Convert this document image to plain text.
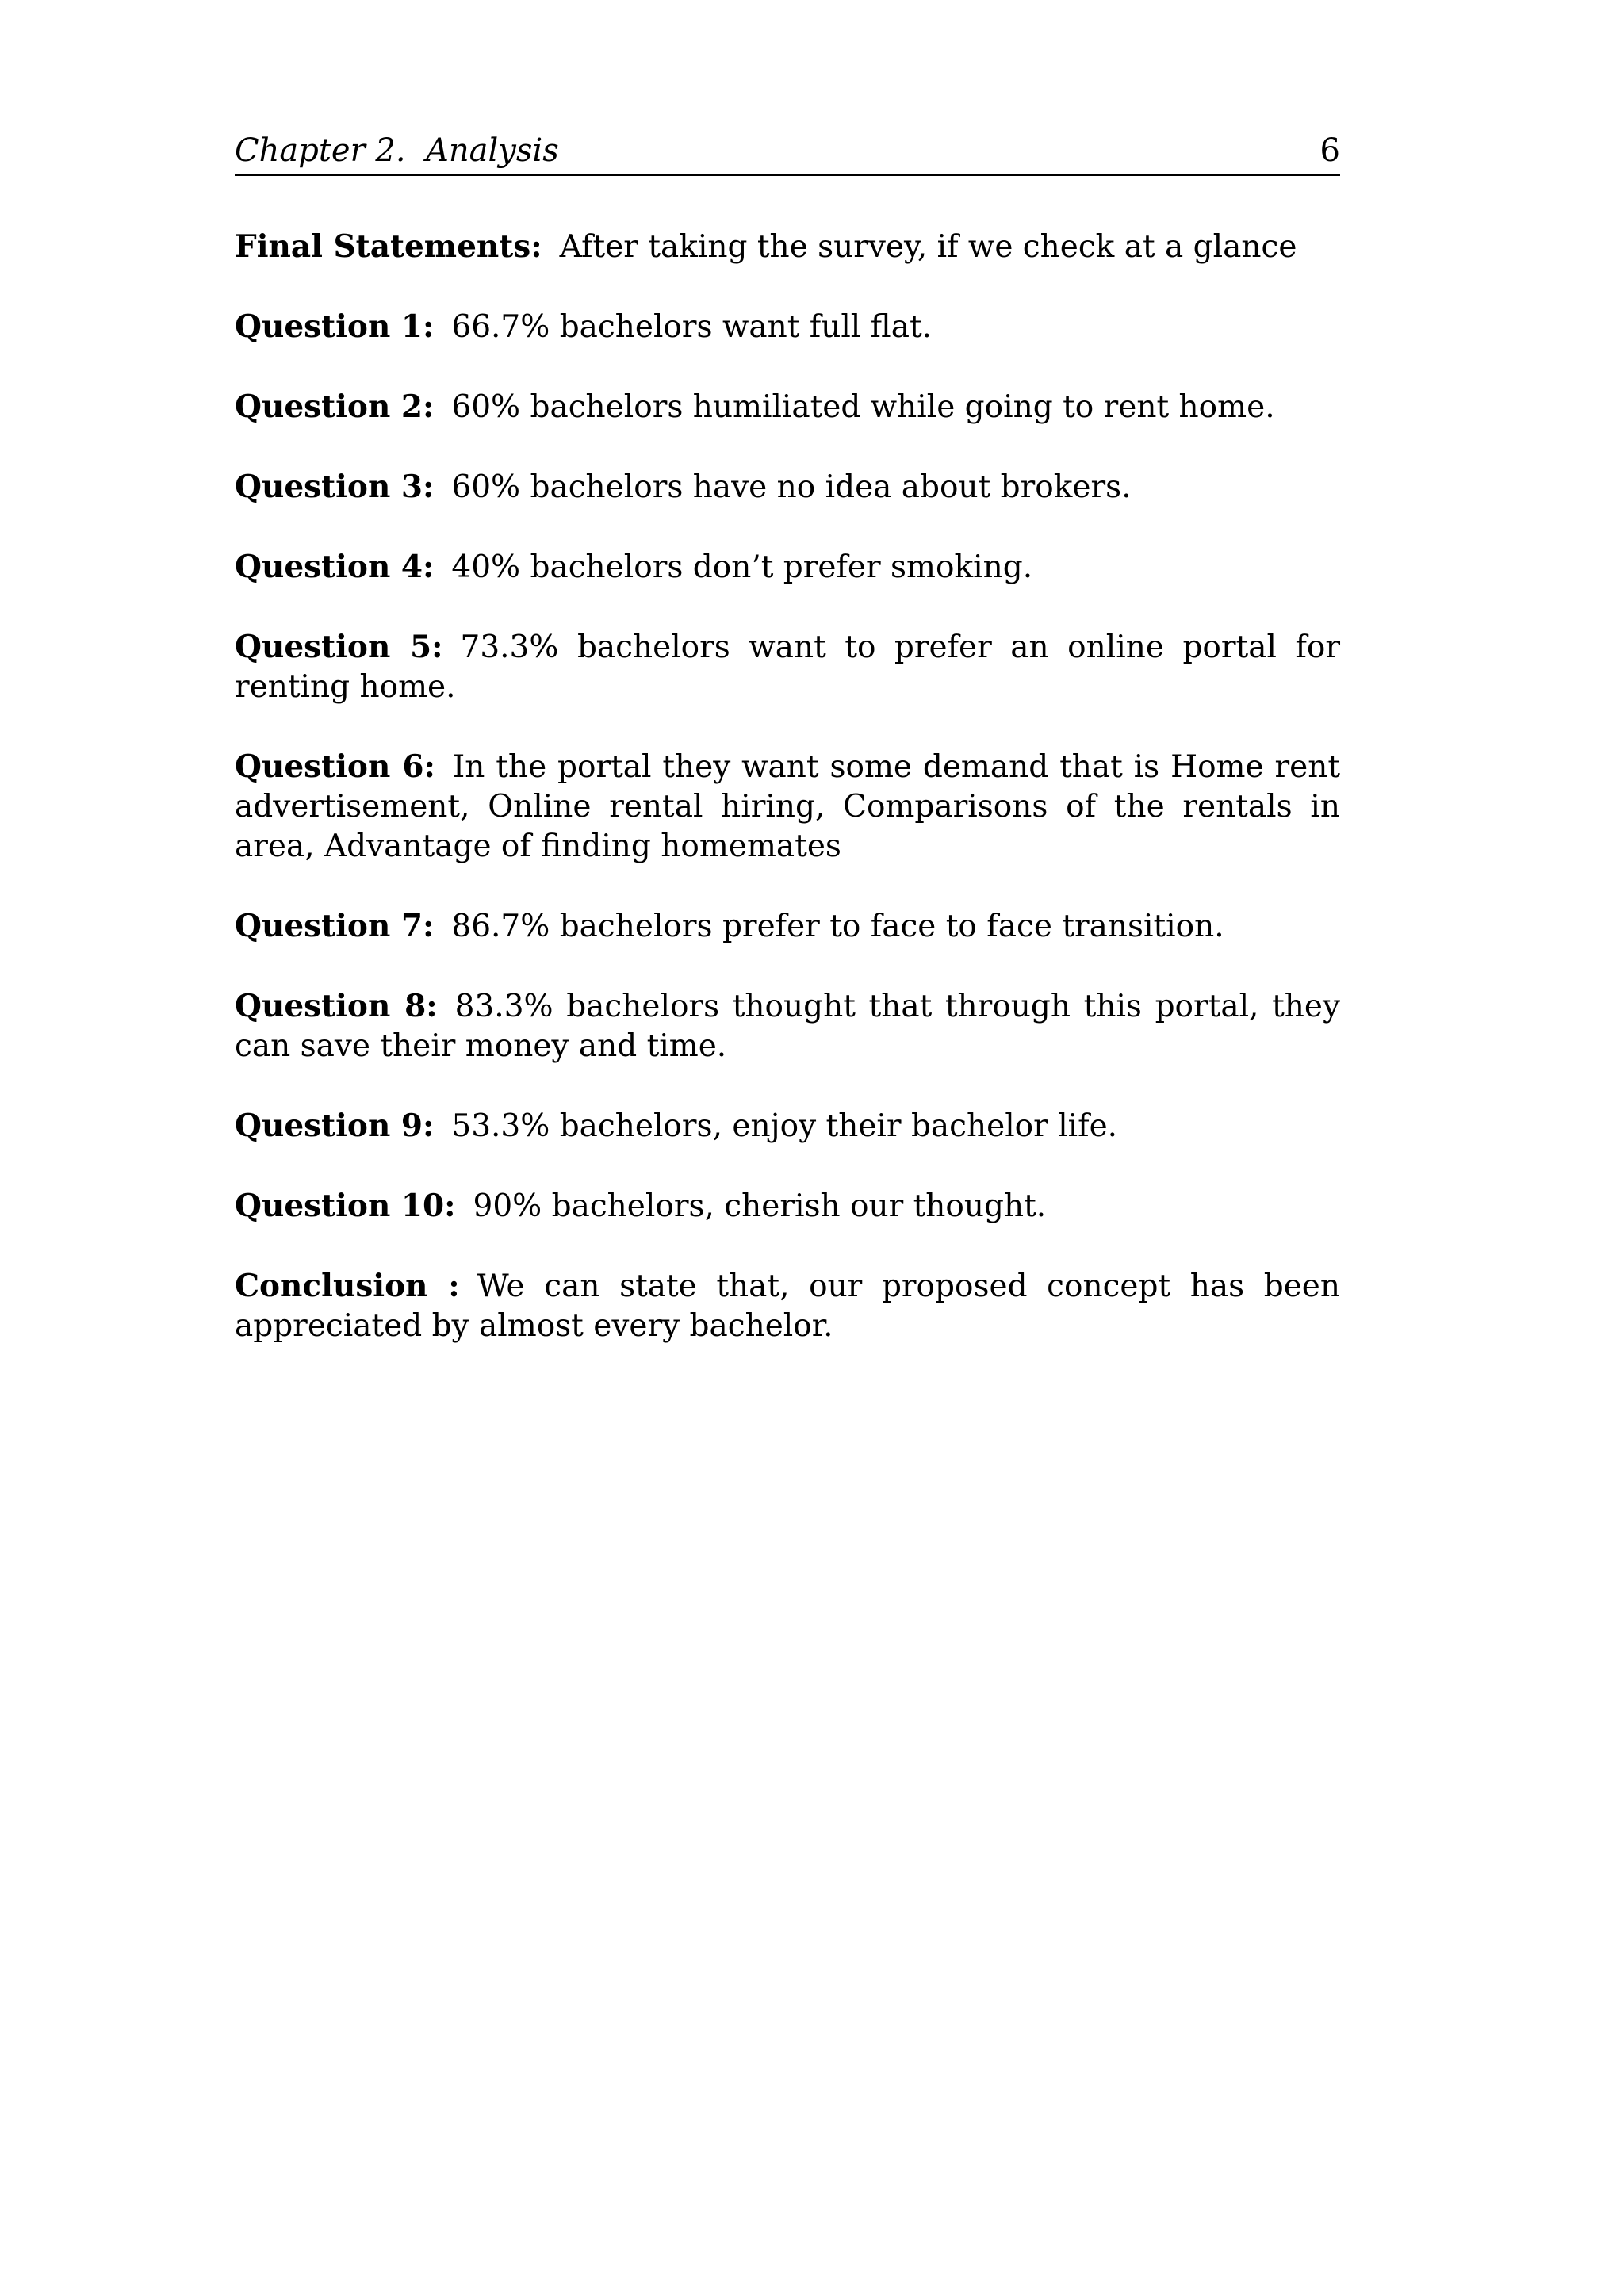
Chapter 2.  Analysis	6

Final Statements: After taking the survey, if we check at a glance

Question 1: 66.7% bachelors want full flat.

Question 2: 60% bachelors humiliated while going to rent home.

Question 3: 60% bachelors have no idea about brokers.

Question 4: 40% bachelors don’t prefer smoking.

Question 5: 73.3% bachelors want to prefer an online portal for renting home.

Question 6: In the portal they want some demand that is Home rent advertisement, Online rental hiring, Comparisons of the rentals in area, Advantage of finding homemates

Question 7: 86.7% bachelors prefer to face to face transition.

Question 8: 83.3% bachelors thought that through this portal, they can save their money and time.

Question 9: 53.3% bachelors, enjoy their bachelor life.

Question 10: 90% bachelors, cherish our thought.

Conclusion : We can state that, our proposed concept has been appreciated by almost every bachelor.
